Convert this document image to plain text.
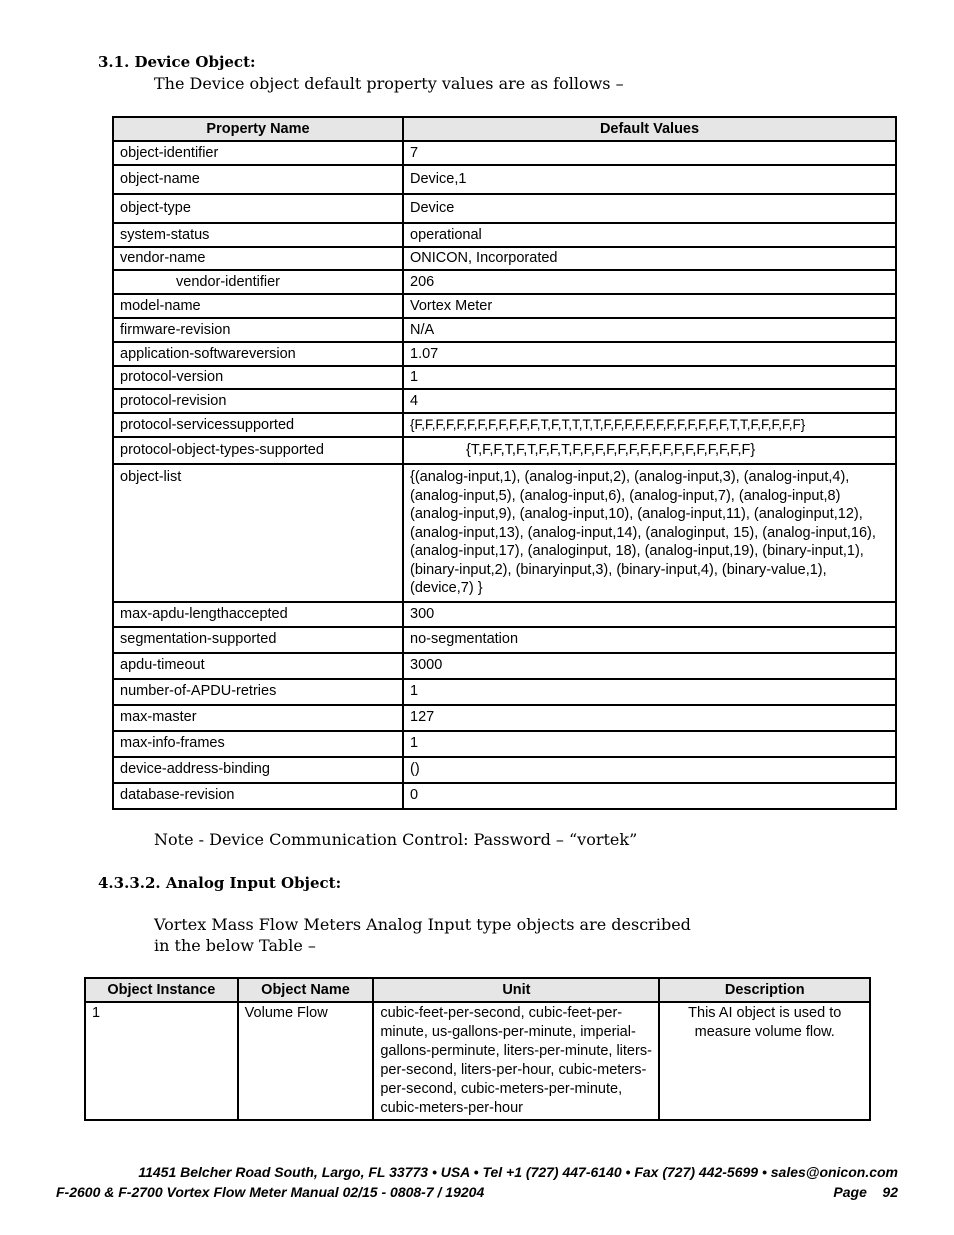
3.1. Device Object:
The Device object default property values are as follows –
Property Name	Default Values
object-identifier	7
object-name	Device,1
object-type	Device
system-status	operational
vendor-name	ONICON, Incorporated
vendor-identifier	206
model-name	Vortex Meter
firmware-revision	N/A
application-softwareversion	1.07
protocol-version	1
protocol-revision	4
protocol-servicessupported	{F,F,F,F,F,F,F,F,F,F,F,F,T,F,T,T,T,T,F,F,F,F,F,F,F,F,F,F,F,F,T,T,F,F,F,F,F}
protocol-object-types-supported	{T,F,F,T,F,T,F,F,T,F,F,F,F,F,F,F,F,F,F,F,F,F,F,F,F}
object-list	{(analog-input,1), (analog-input,2), (analog-input,3), (analog-input,4), (analog-input,5), (analog-input,6), (analog-input,7), (analog-input,8) (analog-input,9), (analog-input,10), (analog-input,11), (analoginput,12), (analog-input,13), (analog-input,14), (analoginput, 15), (analog-input,16), (analog-input,17), (analoginput, 18), (analog-input,19), (binary-input,1), (binary-input,2), (binaryinput,3), (binary-input,4), (binary-value,1), (device,7) }
max-apdu-lengthaccepted	300
segmentation-supported	no-segmentation
apdu-timeout	3000
number-of-APDU-retries	1
max-master	127
max-info-frames	1
device-address-binding	()
database-revision	0
Note - Device Communication Control: Password – “vortek”
4.3.3.2. Analog Input Object:
Vortex Mass Flow Meters Analog Input type objects are described
in the below Table –
Object Instance	Object Name	Unit	Description
1	Volume Flow	cubic-feet-per-second, cubic-feet-per-minute, us-gallons-per-minute, imperial-gallons-perminute, liters-per-minute, liters-per-second, liters-per-hour, cubic-meters-per-second, cubic-meters-per-minute, cubic-meters-per-hour	This AI object is used to measure volume flow.
11451 Belcher Road South, Largo, FL 33773 • USA • Tel +1 (727) 447-6140 • Fax (727) 442-5699 • sales@onicon.com
F-2600 & F-2700 Vortex Flow Meter Manual 02/15 - 0808-7 / 19204	Page    92
